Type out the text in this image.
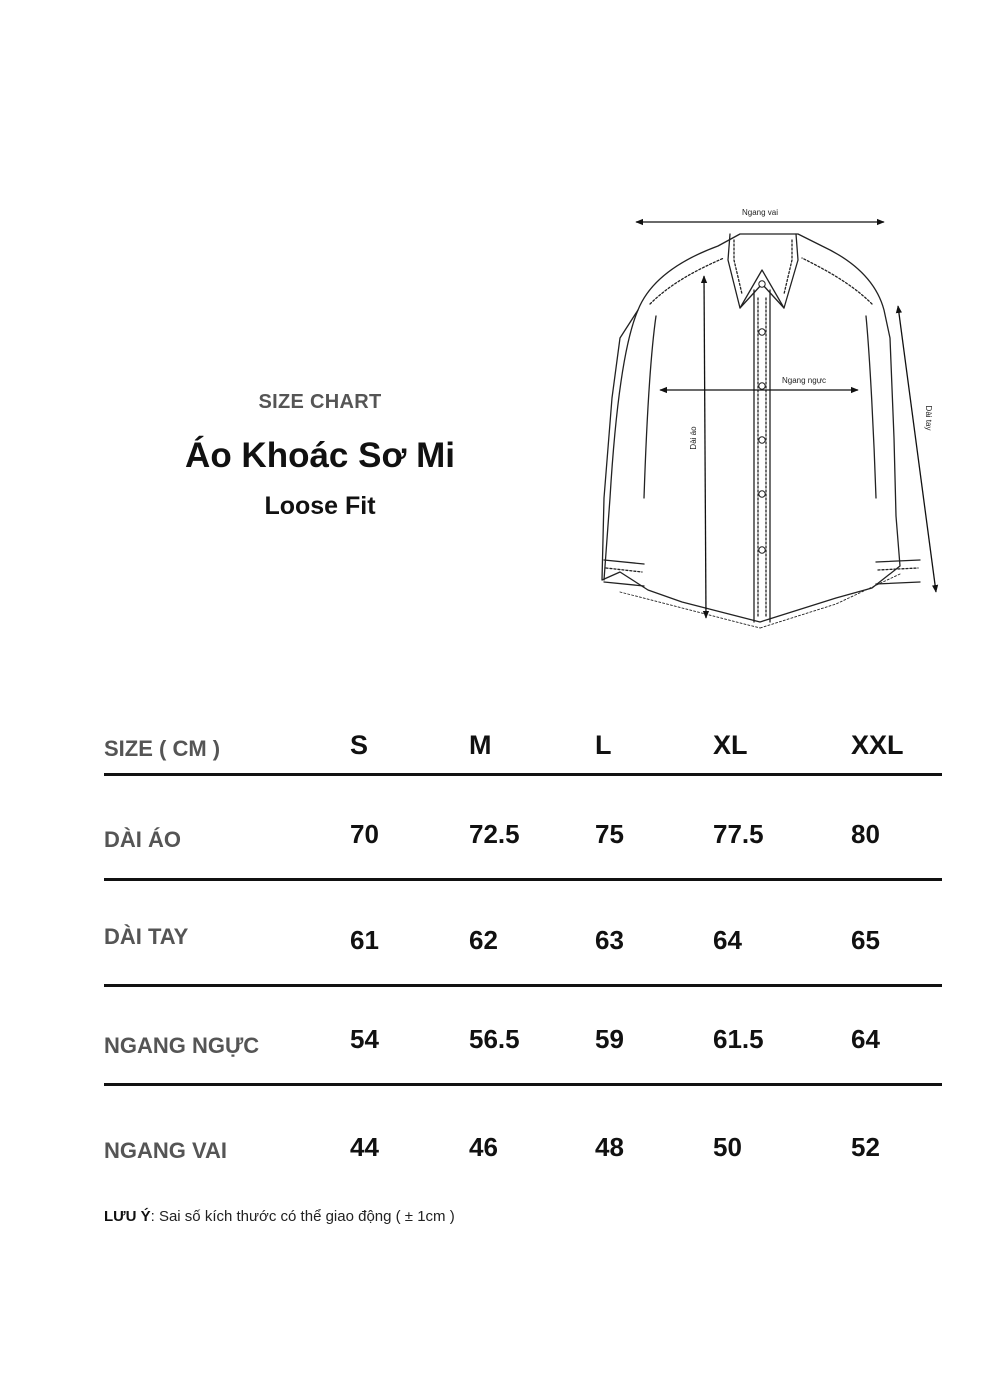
SIZE CHART
Áo Khoác Sơ Mi
Loose Fit
Ngang vai
Ngang ngực
Dài áo
Dài tay
SIZE ( CM )	S	M	L	XL	XXL
DÀI ÁO	70	72.5	75	77.5	80
DÀI TAY	61	62	63	64	65
NGANG NGỰC	54	56.5	59	61.5	64
NGANG VAI	44	46	48	50	52
LƯU Ý: Sai số kích thước có thể giao động ( ± 1cm )
